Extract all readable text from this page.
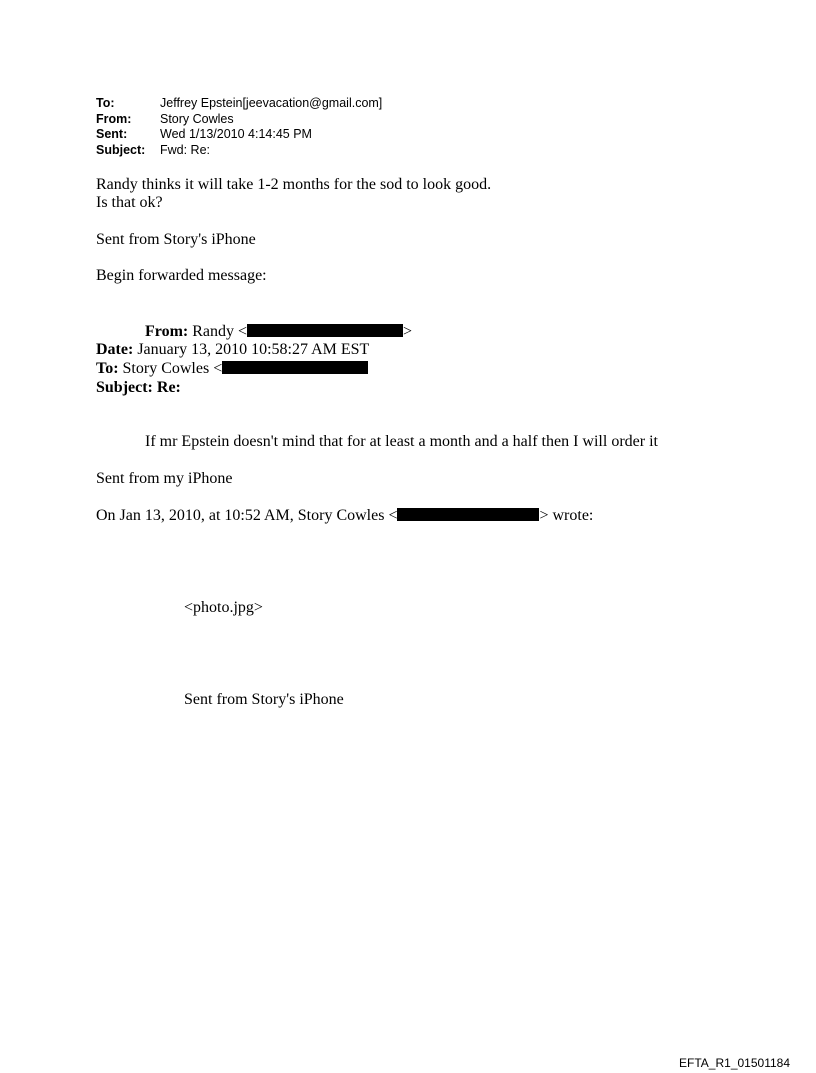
To:	Jeffrey Epstein[jeevacation@gmail.com]
From:	Story Cowles
Sent:	Wed 1/13/2010 4:14:45 PM
Subject:	Fwd: Re:
Randy thinks it will take 1-2 months for the sod to look good.
Is that ok?
Sent from Story's iPhone
Begin forwarded message:
From: Randy <	>
Date: January 13, 2010 10:58:27 AM EST
To: Story Cowles <
Subject: Re:
If mr Epstein doesn't mind that for at least a month and a half then I will order it
Sent from my iPhone
On Jan 13, 2010, at 10:52 AM, Story Cowles <	> wrote:
<photo.jpg>
Sent from Story's iPhone
EFTA_R1_01501184
